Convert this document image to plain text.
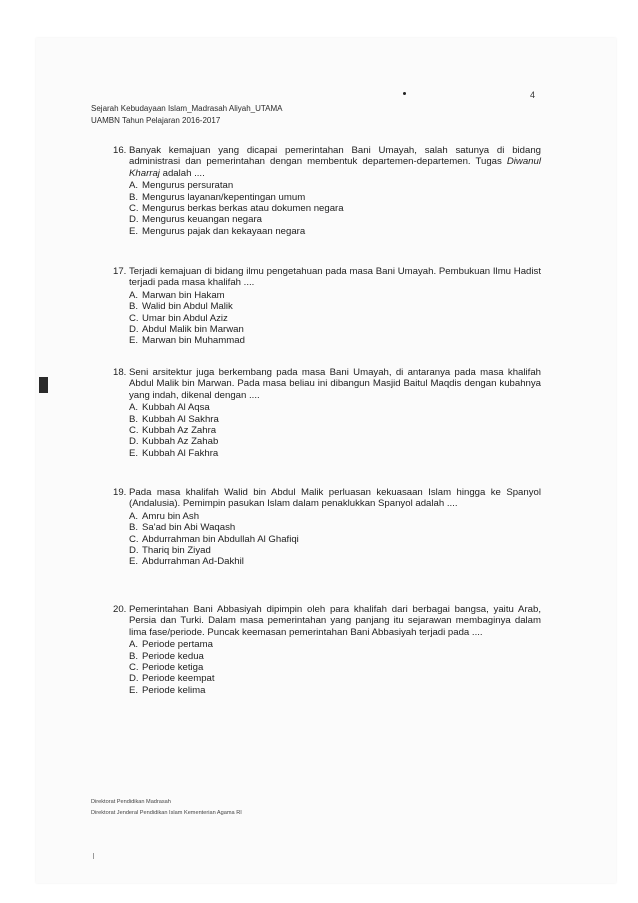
4
Sejarah Kebudayaan Islam_Madrasah Aliyah_UTAMA
UAMBN Tahun Pelajaran 2016-2017
16. Banyak kemajuan yang dicapai pemerintahan Bani Umayah, salah satunya di bidang administrasi dan pemerintahan dengan membentuk departemen-departemen. Tugas Diwanul Kharraj adalah ....
A. Mengurus persuratan
B. Mengurus layanan/kepentingan umum
C. Mengurus berkas berkas atau dokumen negara
D. Mengurus keuangan negara
E. Mengurus pajak dan kekayaan negara
17. Terjadi kemajuan di bidang ilmu pengetahuan pada masa Bani Umayah. Pembukuan Ilmu Hadist terjadi pada masa khalifah ....
A. Marwan bin Hakam
B. Walid bin Abdul Malik
C. Umar bin Abdul Aziz
D. Abdul Malik bin Marwan
E. Marwan bin Muhammad
18. Seni arsitektur juga berkembang pada masa Bani Umayah, di antaranya pada masa khalifah Abdul Malik bin Marwan. Pada masa beliau ini dibangun Masjid Baitul Maqdis dengan kubahnya yang indah, dikenal dengan ....
A. Kubbah Al Aqsa
B. Kubbah Al Sakhra
C. Kubbah Az Zahra
D. Kubbah Az Zahab
E. Kubbah Al Fakhra
19. Pada masa khalifah Walid bin Abdul Malik perluasan kekuasaan Islam hingga ke Spanyol (Andalusia). Pemimpin pasukan Islam dalam penaklukkan Spanyol adalah ....
A. Amru bin Ash
B. Sa'ad bin Abi Waqash
C. Abdurrahman bin Abdullah Al Ghafiqi
D. Thariq bin Ziyad
E. Abdurrahman Ad-Dakhil
20. Pemerintahan Bani Abbasiyah dipimpin oleh para khalifah dari berbagai bangsa, yaitu Arab, Persia dan Turki. Dalam masa pemerintahan yang panjang itu sejarawan membaginya dalam lima fase/periode. Puncak keemasan pemerintahan Bani Abbasiyah terjadi pada ....
A. Periode pertama
B. Periode kedua
C. Periode ketiga
D. Periode keempat
E. Periode kelima
Direktorat Pendidikan Madrasah
Direktorat Jenderal Pendidikan Islam Kementerian Agama RI
